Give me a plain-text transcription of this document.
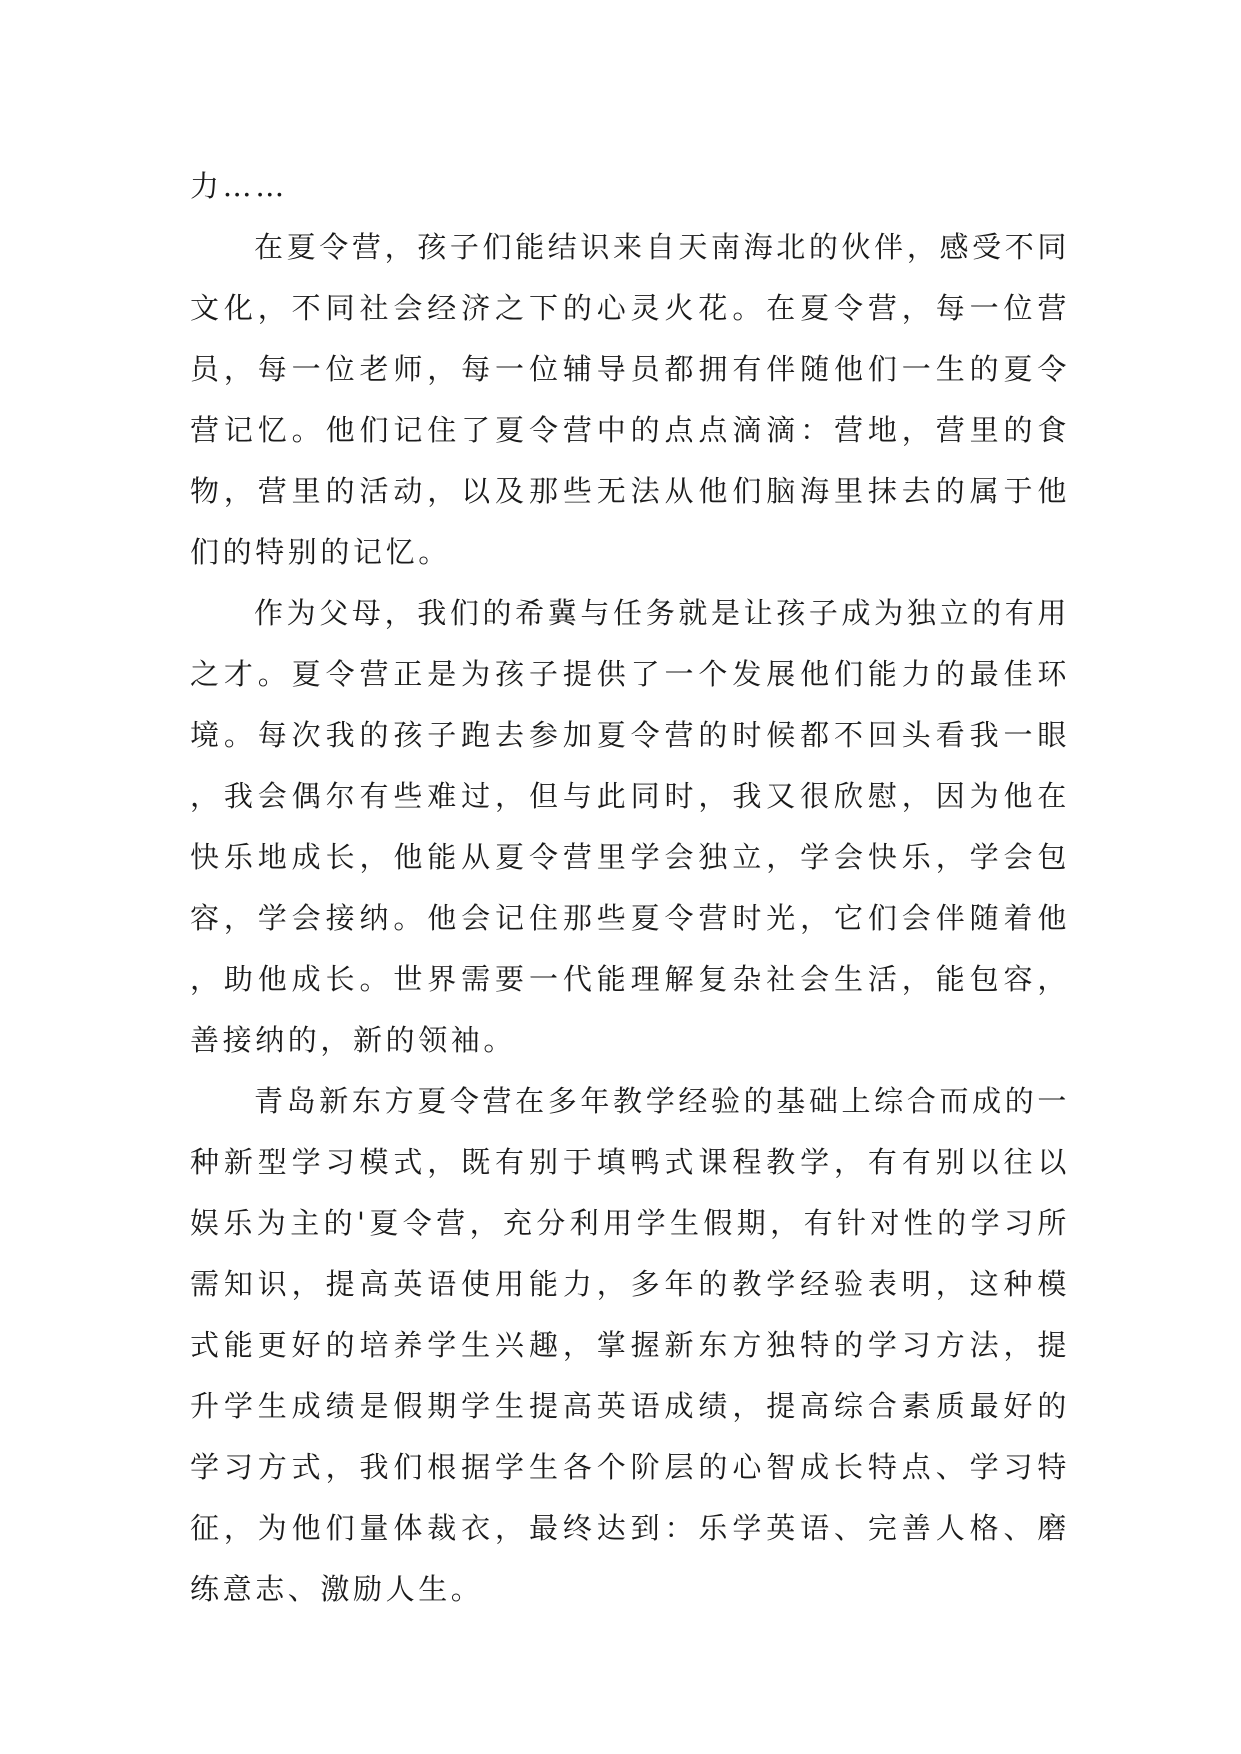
力……

在夏令营，孩子们能结识来自天南海北的伙伴，感受不同文化，不同社会经济之下的心灵火花。在夏令营，每一位营员，每一位老师，每一位辅导员都拥有伴随他们一生的夏令营记忆。他们记住了夏令营中的点点滴滴：营地，营里的食物，营里的活动，以及那些无法从他们脑海里抹去的属于他们的特别的记忆。

作为父母，我们的希冀与任务就是让孩子成为独立的有用之才。夏令营正是为孩子提供了一个发展他们能力的最佳环境。每次我的孩子跑去参加夏令营的时候都不回头看我一眼，我会偶尔有些难过，但与此同时，我又很欣慰，因为他在快乐地成长，他能从夏令营里学会独立，学会快乐，学会包容，学会接纳。他会记住那些夏令营时光，它们会伴随着他，助他成长。世界需要一代能理解复杂社会生活，能包容，善接纳的，新的领袖。

青岛新东方夏令营在多年教学经验的基础上综合而成的一种新型学习模式，既有别于填鸭式课程教学，有有别以往以娱乐为主的'夏令营，充分利用学生假期，有针对性的学习所需知识，提高英语使用能力，多年的教学经验表明，这种模式能更好的培养学生兴趣，掌握新东方独特的学习方法，提升学生成绩是假期学生提高英语成绩，提高综合素质最好的学习方式，我们根据学生各个阶层的心智成长特点、学习特征，为他们量体裁衣，最终达到：乐学英语、完善人格、磨练意志、激励人生。
